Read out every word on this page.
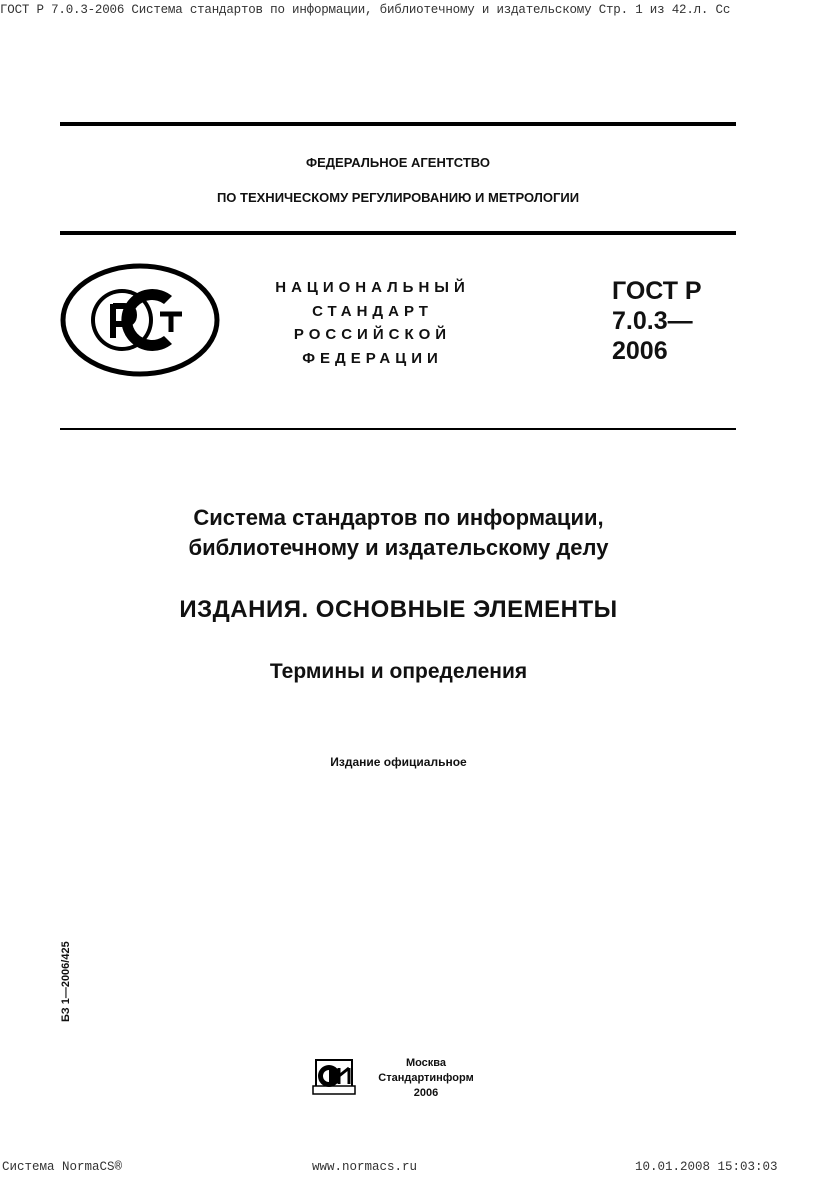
ГОСТ Р 7.0.3-2006 Система стандартов по информации, библиотечному и издательскому Стр. 1 из 42.л. Сс
ФЕДЕРАЛЬНОЕ АГЕНТСТВО
ПО ТЕХНИЧЕСКОМУ РЕГУЛИРОВАНИЮ И МЕТРОЛОГИИ
НАЦИОНАЛЬНЫЙ
СТАНДАРТ
РОССИЙСКОЙ
ФЕДЕРАЦИИ
ГОСТ Р
7.0.3—
2006
Система стандартов по информации,
библиотечному и издательскому делу
ИЗДАНИЯ. ОСНОВНЫЕ ЭЛЕМЕНТЫ
Термины и определения
Издание официальное
БЗ 1—2006/425
Москва
Стандартинформ
2006
Система NormaCS®	www.normacs.ru	10.01.2008 15:03:03
